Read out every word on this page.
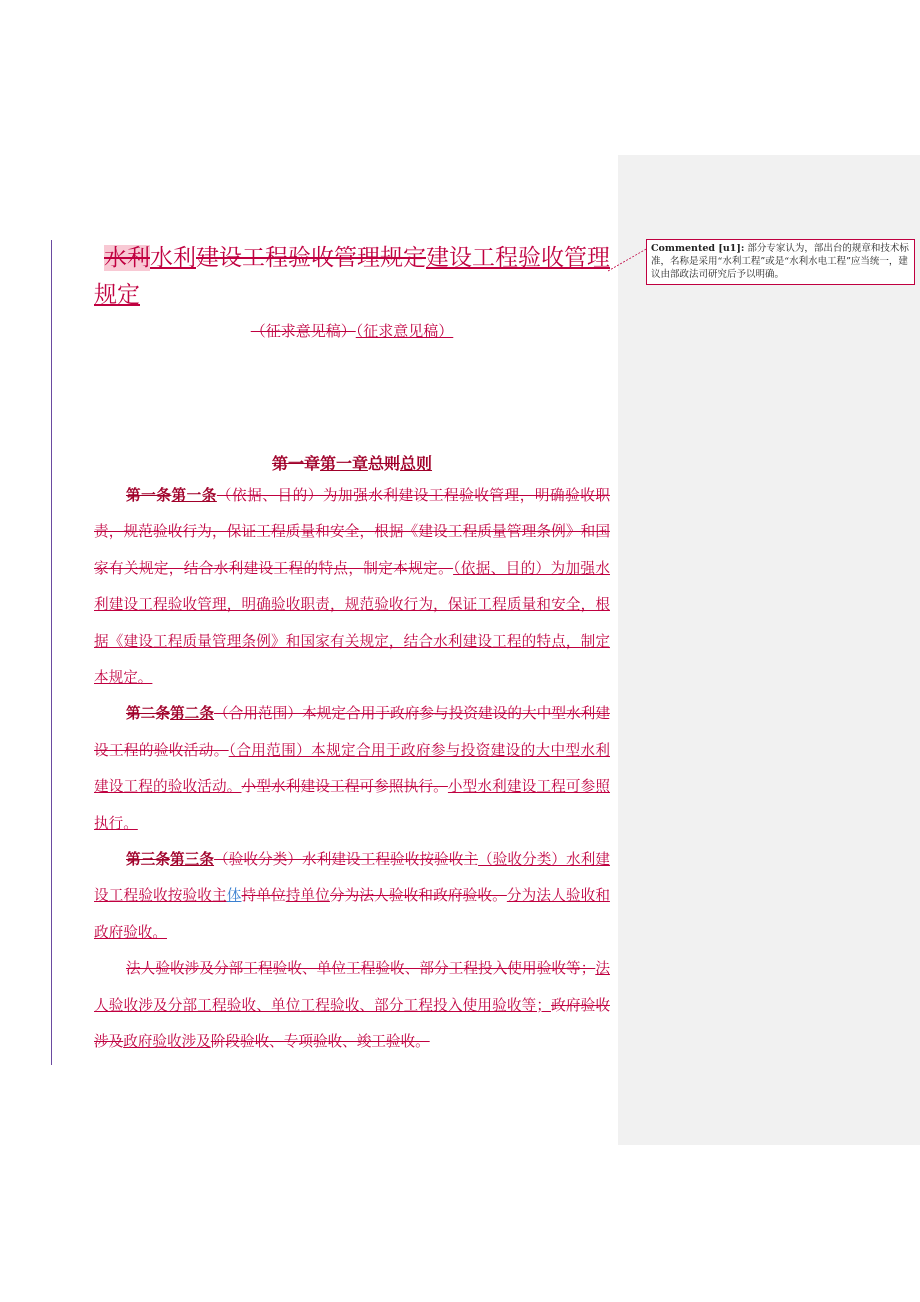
Commented [u1]: 部分专家认为，部出台的规章和技术标准，名称是采用“水利工程”或是“水利水电工程”应当统一，建议由部政法司研究后予以明确。

水利水利建设工程验收管理规定建设工程验收管理规定

（征求意见稿）（征求意见稿）

第一章第一章总则总则

第一条第一条（依据、目的）为加强水利建设工程验收管理，明确验收职责，规范验收行为，保证工程质量和安全，根据《建设工程质量管理条例》和国家有关规定，结合水利建设工程的特点，制定本规定。（依据、目的）为加强水利建设工程验收管理，明确验收职责，规范验收行为，保证工程质量和安全，根据《建设工程质量管理条例》和国家有关规定，结合水利建设工程的特点，制定本规定。

第二条第二条（合用范围）本规定合用于政府参与投资建设的大中型水利建设工程的验收活动。（合用范围）本规定合用于政府参与投资建设的大中型水利建设工程的验收活动。小型水利建设工程可参照执行。小型水利建设工程可参照执行。

第三条第三条（验收分类）水利建设工程验收按验收主（验收分类）水利建设工程验收按验收主体持单位持单位分为法人验收和政府验收。分为法人验收和政府验收。

法人验收涉及分部工程验收、单位工程验收、部分工程投入使用验收等；法人验收涉及分部工程验收、单位工程验收、部分工程投入使用验收等；政府验收涉及政府验收涉及阶段验收、专项验收、竣工验收。
